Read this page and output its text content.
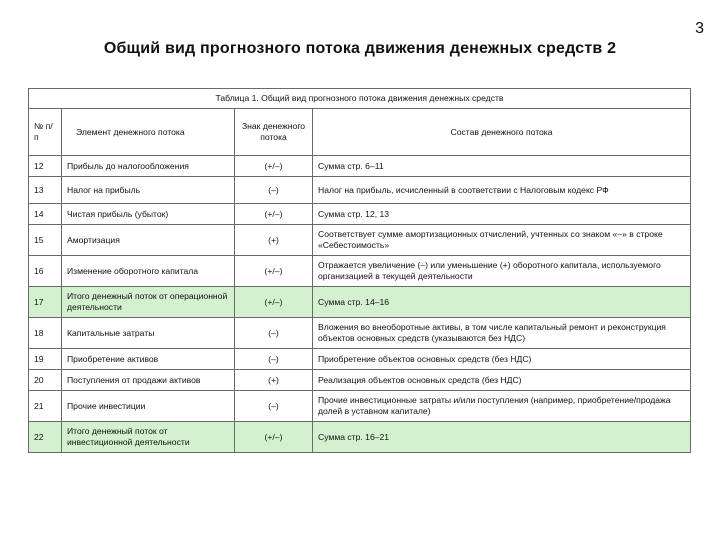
3
Общий вид прогнозного потока движения денежных средств 2
Таблица 1. Общий вид прогнозного потока движения денежных средств			
№ п/п	Элемент денежного потока	Знак денежного потока	Состав денежного потока
12	Прибыль до налогообложения	(+/–)	Сумма стр. 6–11
13	Налог на прибыль	(–)	Налог на прибыль, исчисленный в соответствии с Налоговым кодекс РФ
14	Чистая прибыль (убыток)	(+/–)	Сумма стр. 12, 13
15	Амортизация	(+)	Соответствует сумме амортизационных отчислений, учтенных со знаком «–» в строке «Себестоимость»
16	Изменение оборотного капитала	(+/–)	Отражается увеличение (–) или уменьшение (+) оборотного капитала, используемого организацией в текущей деятельности
17	Итого денежный поток от операционной деятельности	(+/–)	Сумма стр. 14–16
18	Капитальные затраты	(–)	Вложения во внеоборотные активы, в том числе капитальный ремонт и реконструкция объектов основных средств (указываются без НДС)
19	Приобретение активов	(–)	Приобретение объектов основных средств (без НДС)
20	Поступления от продажи активов	(+)	Реализация объектов основных средств (без НДС)
21	Прочие инвестиции	(–)	Прочие инвестиционные затраты и/или поступления (например, приобретение/продажа долей в уставном капитале)
22	Итого денежный поток от инвестиционной деятельности	(+/–)	Сумма стр. 16–21
